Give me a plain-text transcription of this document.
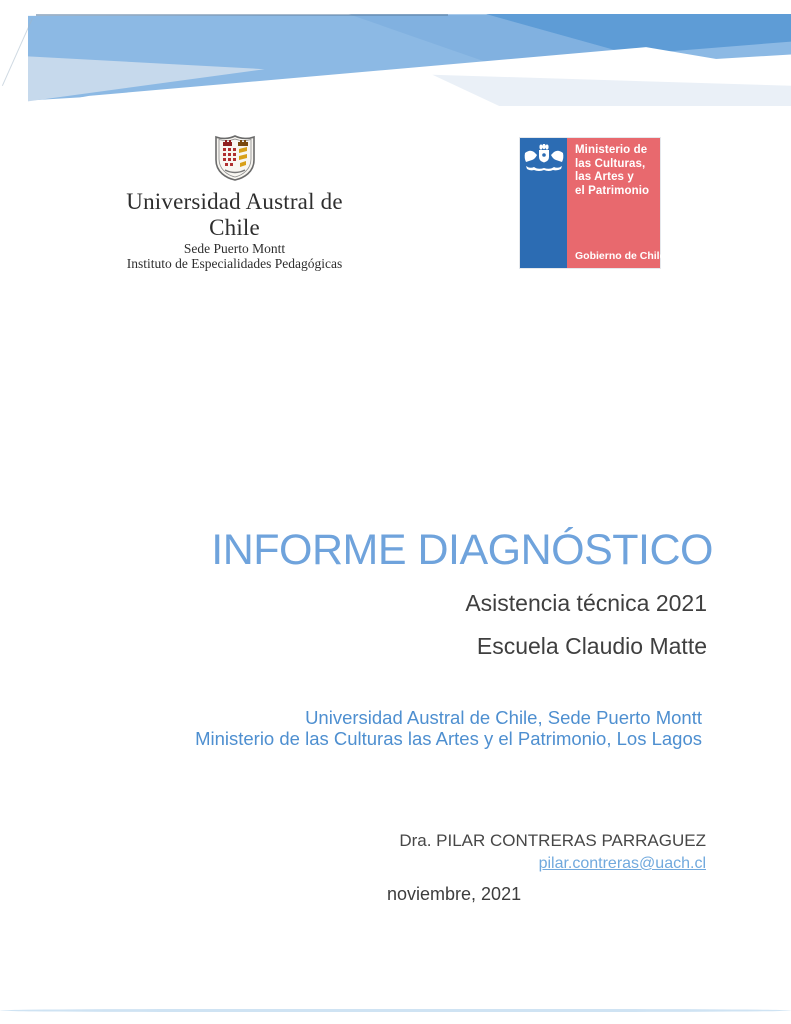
Universidad Austral de Chile
Sede Puerto Montt
Instituto de Especialidades Pedagógicas
Ministerio de
las Culturas,
las Artes y
el Patrimonio
Gobierno de Chile
INFORME DIAGNÓSTICO
Asistencia técnica 2021
Escuela Claudio Matte
Universidad Austral de Chile, Sede Puerto Montt
Ministerio de las Culturas las Artes y el Patrimonio, Los Lagos
Dra. PILAR CONTRERAS PARRAGUEZ
pilar.contreras@uach.cl
noviembre, 2021
